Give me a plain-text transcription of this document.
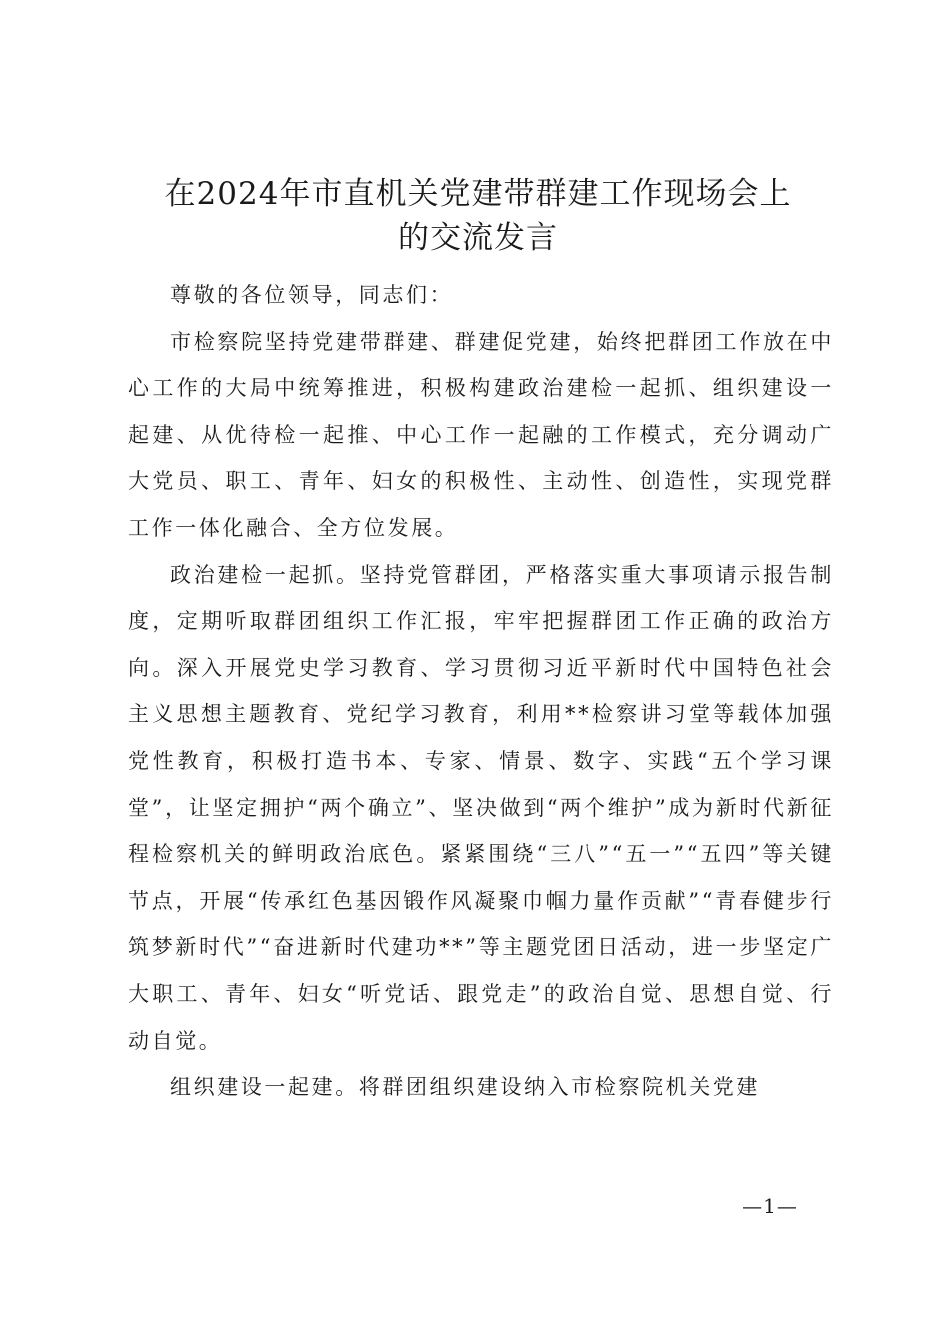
在2024年市直机关党建带群建工作现场会上
的交流发言

尊敬的各位领导，同志们：

市检察院坚持党建带群建、群建促党建，始终把群团工作放在中心工作的大局中统筹推进，积极构建政治建检一起抓、组织建设一起建、从优待检一起推、中心工作一起融的工作模式，充分调动广大党员、职工、青年、妇女的积极性、主动性、创造性，实现党群工作一体化融合、全方位发展。

政治建检一起抓。坚持党管群团，严格落实重大事项请示报告制度，定期听取群团组织工作汇报，牢牢把握群团工作正确的政治方向。深入开展党史学习教育、学习贯彻习近平新时代中国特色社会主义思想主题教育、党纪学习教育，利用**检察讲习堂等载体加强党性教育，积极打造书本、专家、情景、数字、实践“五个学习课堂”，让坚定拥护“两个确立”、坚决做到“两个维护”成为新时代新征程检察机关的鲜明政治底色。紧紧围绕“三八”“五一”“五四”等关键节点，开展“传承红色基因锻作风凝聚巾帼力量作贡献”“青春健步行筑梦新时代”“奋进新时代建功**”等主题党团日活动，进一步坚定广大职工、青年、妇女“听党话、跟党走”的政治自觉、思想自觉、行动自觉。

组织建设一起建。将群团组织建设纳入市检察院机关党建

—1—
